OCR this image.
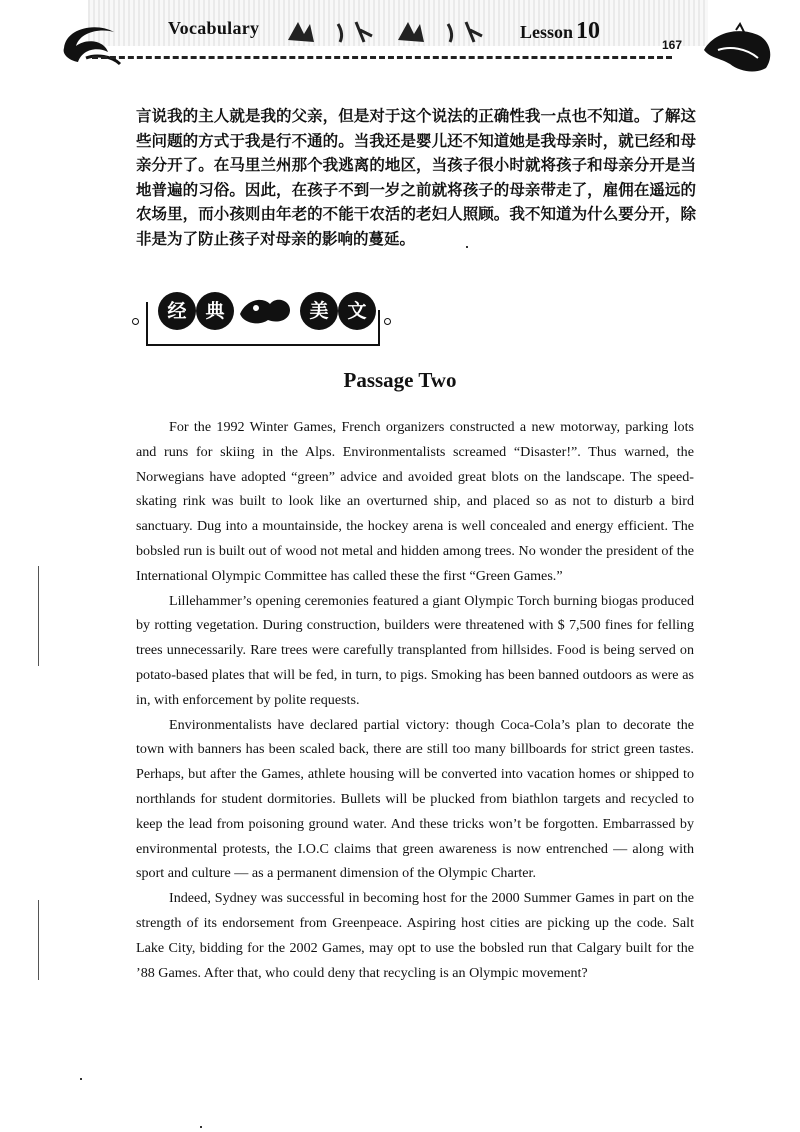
Vocabulary	Lesson 10
167
言说我的主人就是我的父亲，但是对于这个说法的正确性我一点也不知道。了解这些问题的方式于我是行不通的。当我还是婴儿还不知道她是我母亲时，就已经和母亲分开了。在马里兰州那个我逃离的地区，当孩子很小时就将孩子和母亲分开是当地普遍的习俗。因此，在孩子不到一岁之前就将孩子的母亲带走了，雇佣在遥远的农场里，而小孩则由年老的不能干农活的老妇人照顾。我不知道为什么要分开，除非是为了防止孩子对母亲的影响的蔓延。
经 典	美 文
Passage Two

For the 1992 Winter Games, French organizers constructed a new motorway, parking lots and runs for skiing in the Alps. Environmentalists screamed “Disaster!”. Thus warned, the Norwegians have adopted “green” advice and avoided great blots on the landscape. The speed-skating rink was built to look like an overturned ship, and placed so as not to disturb a bird sanctuary. Dug into a mountainside, the hockey arena is well concealed and energy efficient. The bobsled run is built out of wood not metal and hidden among trees. No wonder the president of the International Olympic Committee has called these the first “Green Games.”

Lillehammer’s opening ceremonies featured a giant Olympic Torch burning biogas produced by rotting vegetation. During construction, builders were threatened with $ 7,500 fines for felling trees unnecessarily. Rare trees were carefully transplanted from hillsides. Food is being served on potato-based plates that will be fed, in turn, to pigs. Smoking has been banned outdoors as were as in, with enforcement by polite requests.

Environmentalists have declared partial victory: though Coca-Cola’s plan to decorate the town with banners has been scaled back, there are still too many billboards for strict green tastes. Perhaps, but after the Games, athlete housing will be converted into vacation homes or shipped to northlands for student dormitories. Bullets will be plucked from biathlon targets and recycled to keep the lead from poisoning ground water. And these tricks won’t be forgotten. Embarrassed by environmental protests, the I.O.C claims that green awareness is now entrenched — along with sport and culture — as a permanent dimension of the Olympic Charter.

Indeed, Sydney was successful in becoming host for the 2000 Summer Games in part on the strength of its endorsement from Greenpeace. Aspiring host cities are picking up the code. Salt Lake City, bidding for the 2002 Games, may opt to use the bobsled run that Calgary built for the ’88 Games. After that, who could deny that recycling is an Olympic movement?
